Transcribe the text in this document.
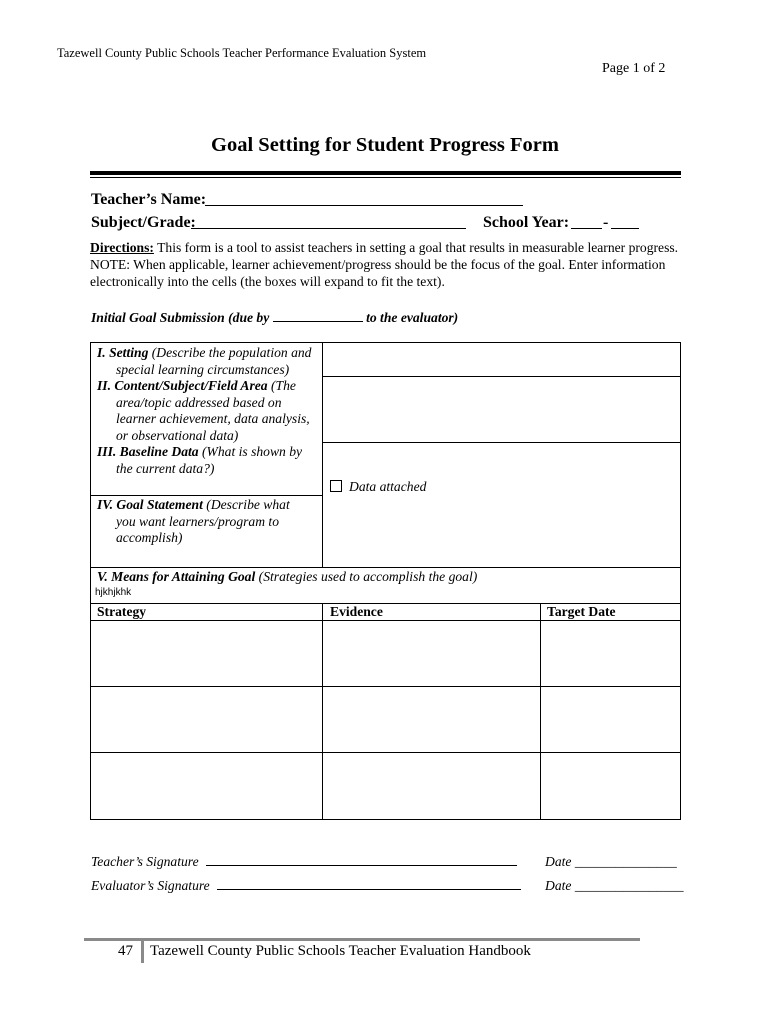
Tazewell County Public Schools Teacher Performance Evaluation System
Page 1 of 2
Goal Setting for Student Progress Form
Teacher’s Name:
Subject/Grade:	School Year: -
Directions: This form is a tool to assist teachers in setting a goal that results in measurable learner progress. NOTE: When applicable, learner achievement/progress should be the focus of the goal. Enter information electronically into the cells (the boxes will expand to fit the text).
Initial Goal Submission (due by	to the evaluator)
I. Setting (Describe the population and
special learning circumstances)
II. Content/Subject/Field Area (The
area/topic addressed based on
learner achievement, data analysis,
or observational data)
III. Baseline Data (What is shown by
the current data?)
Data attached
IV. Goal Statement (Describe what
you want learners/program to
accomplish)
V. Means for Attaining Goal (Strategies used to accomplish the goal)
hjkhjkhk
Strategy	Evidence	Target Date
Teacher’s Signature	Date _______________
Evaluator’s Signature	Date ________________
47 Tazewell County Public Schools Teacher Evaluation Handbook
